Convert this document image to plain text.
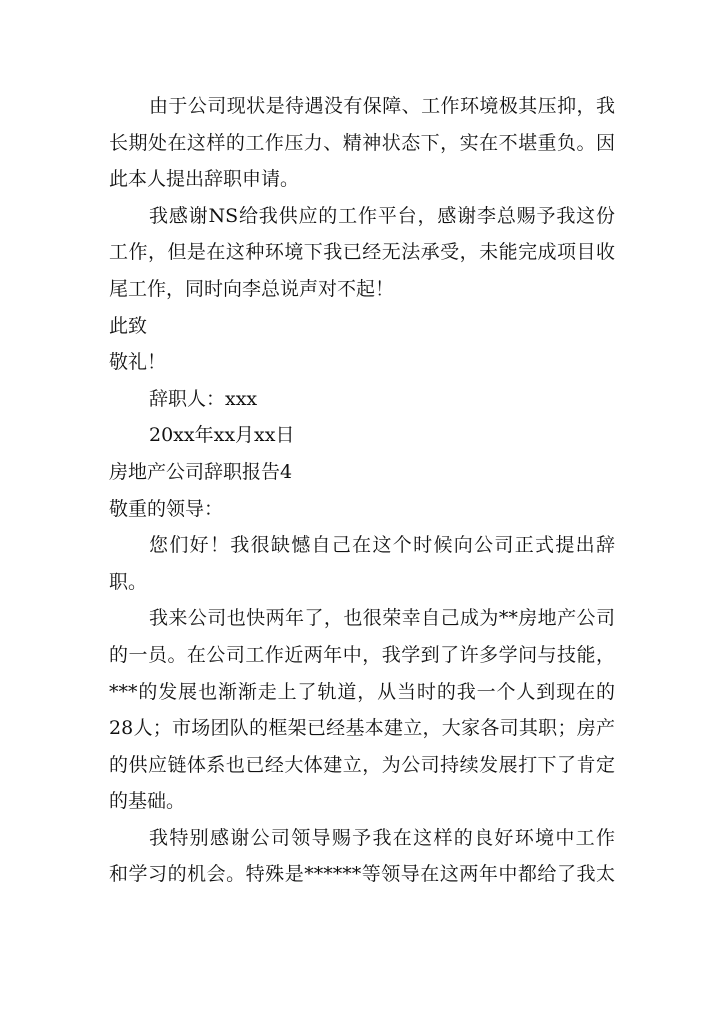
由于公司现状是待遇没有保障、工作环境极其压抑，我
长期处在这样的工作压力、精神状态下，实在不堪重负。因
此本人提出辞职申请。
我感谢NS给我供应的工作平台，感谢李总赐予我这份
工作，但是在这种环境下我已经无法承受，未能完成项目收
尾工作，同时向李总说声对不起！
此致
敬礼！
辞职人：xxx
20xx年xx月xx日
房地产公司辞职报告4
敬重的领导：
您们好！我很缺憾自己在这个时候向公司正式提出辞
职。
我来公司也快两年了，也很荣幸自己成为**房地产公司
的一员。在公司工作近两年中，我学到了许多学问与技能，
***的发展也渐渐走上了轨道，从当时的我一个人到现在的
28人；市场团队的框架已经基本建立，大家各司其职；房产
的供应链体系也已经大体建立，为公司持续发展打下了肯定
的基础。
我特别感谢公司领导赐予我在这样的良好环境中工作
和学习的机会。特殊是******等领导在这两年中都给了我太
